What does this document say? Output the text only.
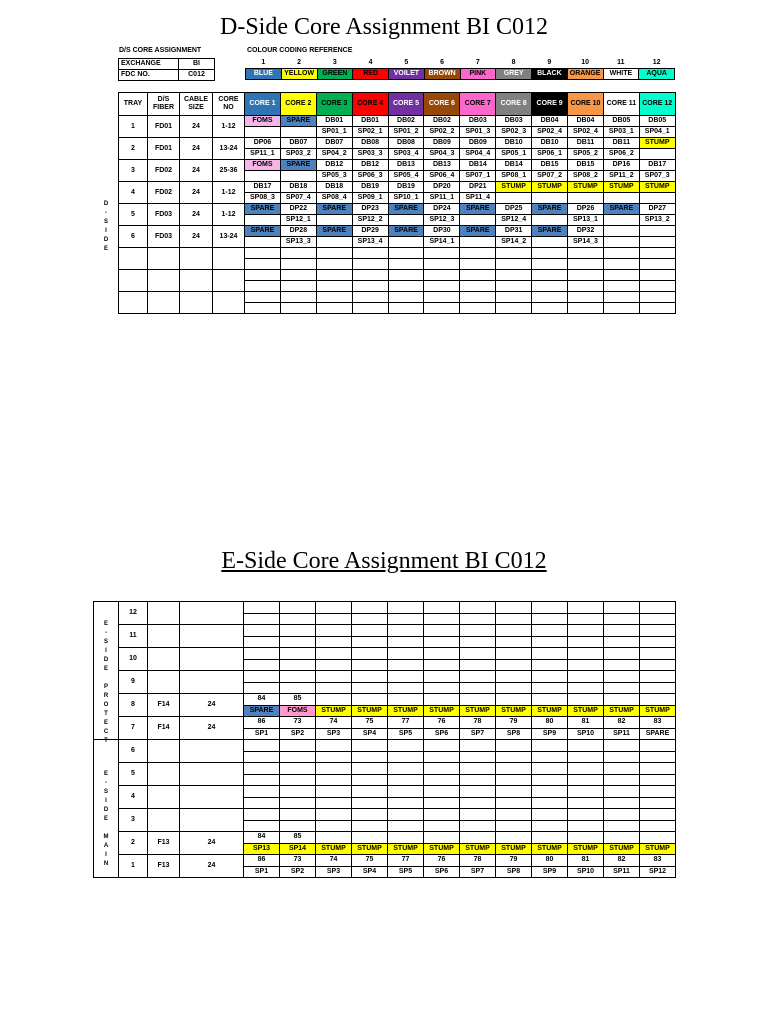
D-Side Core Assignment BI C012
D/S CORE ASSIGNMENT
EXCHANGE	BI
FDC NO.	C012
COLOUR CODING REFERENCE
1	2	3	4	5	6	7	8	9	10	11	12
BLUE	YELLOW	GREEN	RED	VOILET	BROWN	PINK	GREY	BLACK	ORANGE	WHITE	AQUA
TRAY	D/S FIBER	CABLE SIZE	CORE NO	CORE 1	CORE 2	CORE 3	CORE 4	CORE 5	CORE 6	CORE 7	CORE 8	CORE 9	CORE 10	CORE 11	CORE 12
1	FD01	24	1-12	FOMS	SPARE	DB01	DB01	DB02	DB02	DB03	DB03	DB04	DB04	DB05	DB05
						SP01_1	SP02_1	SP01_2	SP02_2	SP01_3	SP02_3	SP02_4	SP02_4	SP03_1	SP04_1
2	FD01	24	13-24	DP06	DB07	DB07	DB08	DB08	DB09	DB09	DB10	DB10	DB11	DB11	STUMP
				SP11_1	SP03_2	SP04_2	SP03_3	SP03_4	SP04_3	SP04_4	SP05_1	SP06_1	SP05_2	SP06_2	
3	FD02	24	25-36	FOMS	SPARE	DB12	DB12	DB13	DB13	DB14	DB14	DB15	DB15	DP16	DB17
						SP05_3	SP06_3	SP05_4	SP06_4	SP07_1	SP08_1	SP07_2	SP08_2	SP11_2	SP07_3
4	FD02	24	1-12	DB17	DB18	DB18	DB19	DB19	DP20	DP21	STUMP	STUMP	STUMP	STUMP	STUMP
				SP08_3	SP07_4	SP08_4	SP09_1	SP10_1	SP11_1	SP11_4					
5	FD03	24	1-12	SPARE	DP22	SPARE	DP23	SPARE	DP24	SPARE	DP25	SPARE	DP26	SPARE	DP27
					SP12_1		SP12_2		SP12_3		SP12_4		SP13_1		SP13_2
6	FD03	24	13-24	SPARE	DP28	SPARE	DP29	SPARE	DP30	SPARE	DP31	SPARE	DP32		
					SP13_3		SP13_4		SP14_1		SP14_2		SP14_3		

D
-
S
I
D
E
E-Side Core Assignment BI C012
	12														

	11														

	10														

	9														

	8	F14	24	84	85										
				SPARE	FOMS	STUMP	STUMP	STUMP	STUMP	STUMP	STUMP	STUMP	STUMP	STUMP	STUMP
	7	F14	24	86	73	74	75	77	76	78	79	80	81	82	83
				SP1	SP2	SP3	SP4	SP5	SP6	SP7	SP8	SP9	SP10	SP11	SPARE
	6														

	5														

	4														

	3														

	2	F13	24	84	85										
				SP13	SP14	STUMP	STUMP	STUMP	STUMP	STUMP	STUMP	STUMP	STUMP	STUMP	STUMP
	1	F13	24	86	73	74	75	77	76	78	79	80	81	82	83
				SP1	SP2	SP3	SP4	SP5	SP6	SP7	SP8	SP9	SP10	SP11	SP12
E
-
S
I
D
E

P
R
O
T
E
C
T
E
-
S
I
D
E

M
A
I
N
